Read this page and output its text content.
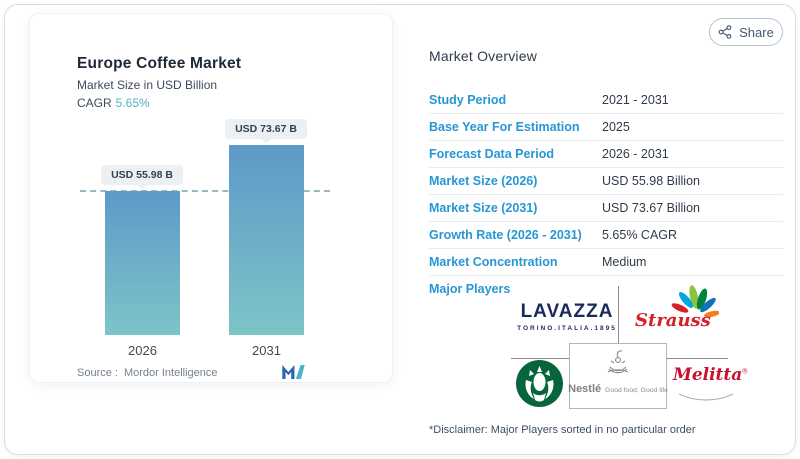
Share
Europe Coffee Market
Market Size in USD Billion
CAGR 5.65%
USD 55.98 B
USD 73.67 B
2026	2031
Source : Mordor Intelligence
Market Overview
Study Period	2021 - 2031
Base Year For Estimation	2025
Forecast Data Period	2026 - 2031
Market Size (2026)	USD 55.98 Billion
Market Size (2031)	USD 73.67 Billion
Growth Rate (2026 - 2031)	5.65% CAGR
Market Concentration	Medium
Major Players
LAVAZZA
TORINO.ITALIA.1895	Strauss
Nestlé Good food, Good life
Melitta®
*Disclaimer: Major Players sorted in no particular order
